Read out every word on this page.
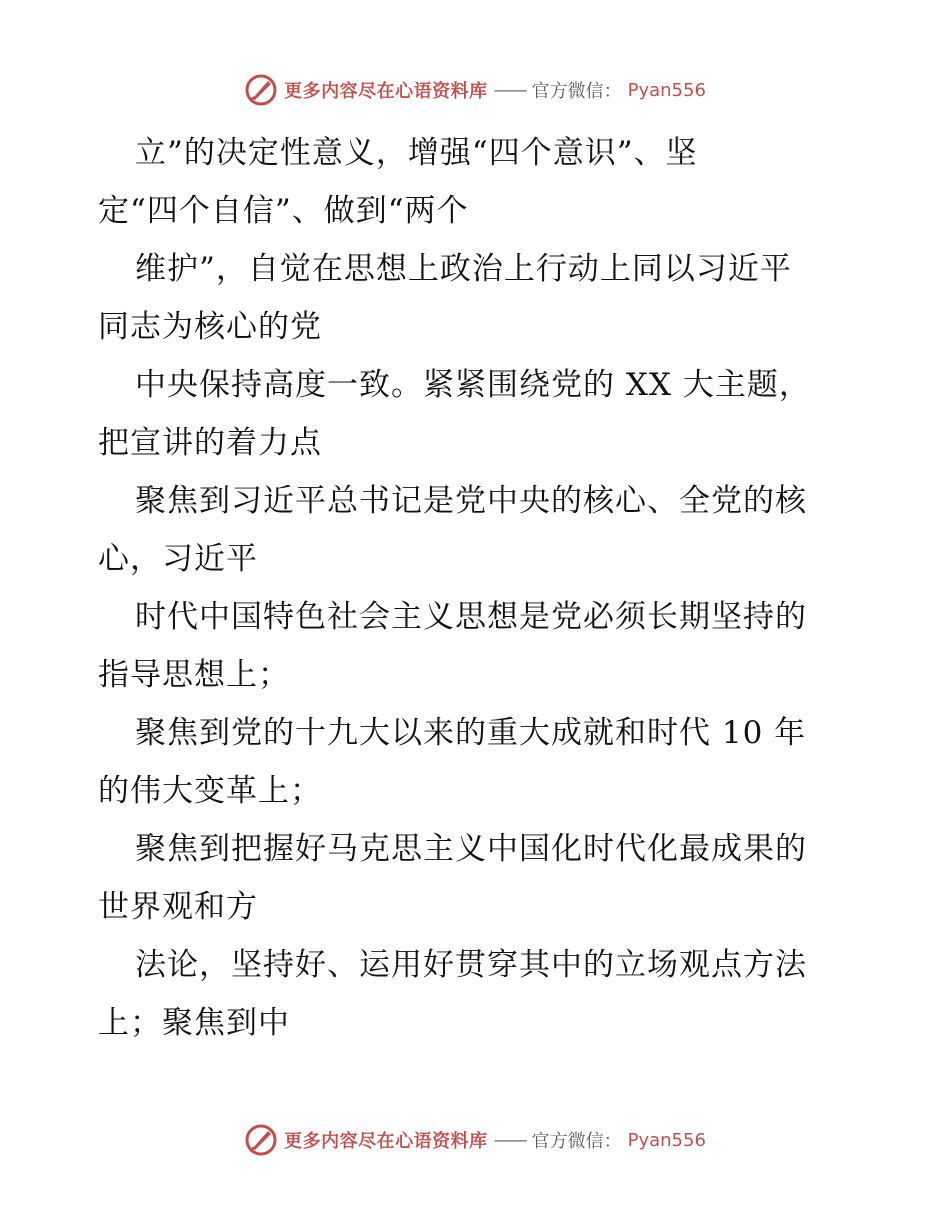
更多内容尽在心语资料库 —— 官方微信： Pyan556
立”的决定性意义，增强“四个意识”、坚
定“四个自信”、做到“两个
维护”，自觉在思想上政治上行动上同以习近平
同志为核心的党
中央保持高度一致。紧紧围绕党的 XX 大主题，
把宣讲的着力点
聚焦到习近平总书记是党中央的核心、全党的核
心，习近平
时代中国特色社会主义思想是党必须长期坚持的
指导思想上；
聚焦到党的十九大以来的重大成就和时代 10 年
的伟大变革上；
聚焦到把握好马克思主义中国化时代化最成果的
世界观和方
法论，坚持好、运用好贯穿其中的立场观点方法
上；聚焦到中
更多内容尽在心语资料库 —— 官方微信： Pyan556
